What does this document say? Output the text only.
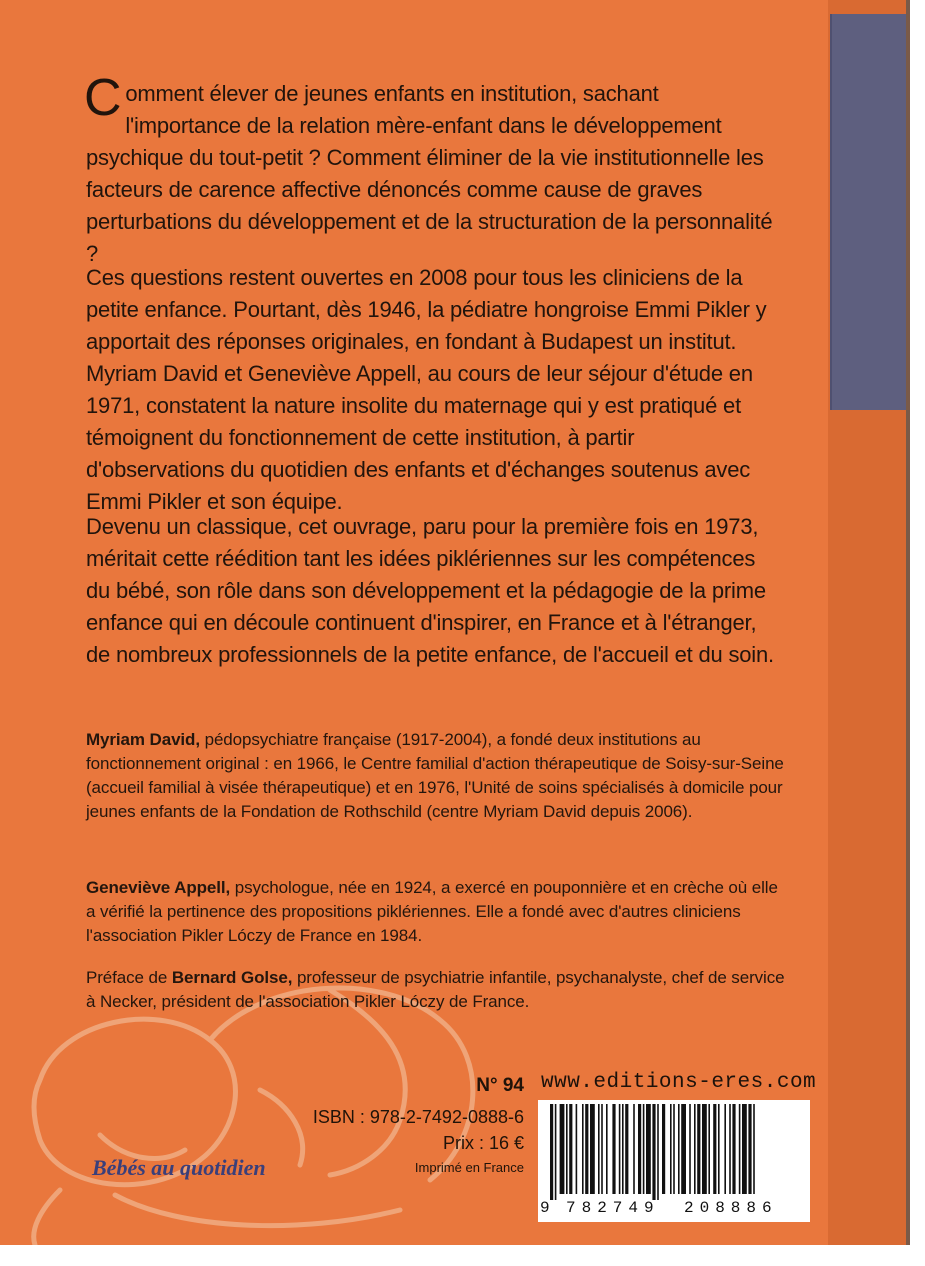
Comment élever de jeunes enfants en institution, sachant l'importance de la relation mère-enfant dans le développement psychique du tout-petit ? Comment éliminer de la vie institutionnelle les facteurs de carence affective dénoncés comme cause de graves perturbations du développement et de la structuration de la personnalité ?

Ces questions restent ouvertes en 2008 pour tous les cliniciens de la petite enfance. Pourtant, dès 1946, la pédiatre hongroise Emmi Pikler y apportait des réponses originales, en fondant à Budapest un institut. Myriam David et Geneviève Appell, au cours de leur séjour d'étude en 1971, constatent la nature insolite du maternage qui y est pratiqué et témoignent du fonctionnement de cette institution, à partir d'observations du quotidien des enfants et d'échanges soutenus avec Emmi Pikler et son équipe.

Devenu un classique, cet ouvrage, paru pour la première fois en 1973, méritait cette réédition tant les idées piklériennes sur les compétences du bébé, son rôle dans son développement et la pédagogie de la prime enfance qui en découle continuent d'inspirer, en France et à l'étranger, de nombreux professionnels de la petite enfance, de l'accueil et du soin.

Myriam David, pédopsychiatre française (1917-2004), a fondé deux institutions au fonctionnement original : en 1966, le Centre familial d'action thérapeutique de Soisy-sur-Seine (accueil familial à visée thérapeutique) et en 1976, l'Unité de soins spécialisés à domicile pour jeunes enfants de la Fondation de Rothschild (centre Myriam David depuis 2006).

Geneviève Appell, psychologue, née en 1924, a exercé en pouponnière et en crèche où elle a vérifié la pertinence des propositions piklériennes. Elle a fondé avec d'autres cliniciens l'association Pikler Lóczy de France en 1984.

Préface de Bernard Golse, professeur de psychiatrie infantile, psychanalyste, chef de service à Necker, président de l'association Pikler Lóczy de France.

N° 94
ISBN : 978-2-7492-0888-6
Prix : 16 €
Imprimé en France
Bébés au quotidien
www.editions-eres.com
9 782749 208886
